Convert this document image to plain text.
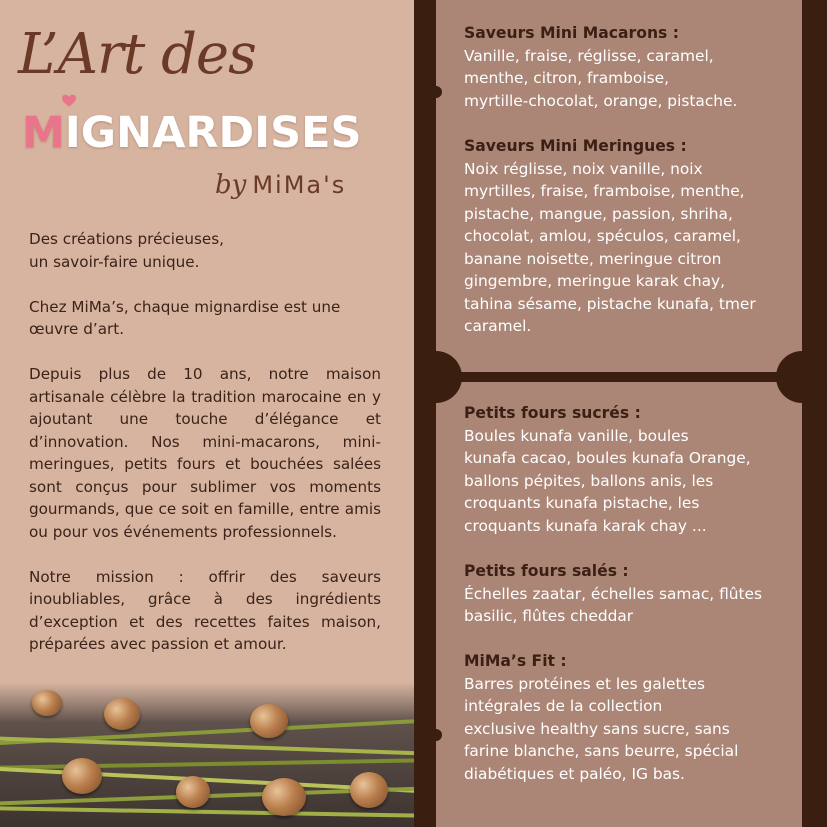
L’Art des
MIGNARDISES
by MiMa's

Des créations précieuses,
un savoir-faire unique.

Chez MiMa’s, chaque mignardise est une œuvre d’art.

Depuis plus de 10 ans, notre maison artisanale célèbre la tradition marocaine en y ajoutant une touche d’élégance et d’innovation. Nos mini-macarons, mini-meringues, petits fours et bouchées salées sont conçus pour sublimer vos moments gourmands, que ce soit en famille, entre amis ou pour vos événements professionnels.

Notre mission : offrir des saveurs inoubliables, grâce à des ingrédients d’exception et des recettes faites maison, préparées avec passion et amour.

Saveurs Mini Macarons :
Vanille, fraise, réglisse, caramel,
menthe, citron, framboise,
myrtille-chocolat, orange, pistache.
Saveurs Mini Meringues :
Noix réglisse, noix vanille, noix
myrtilles, fraise, framboise, menthe,
pistache, mangue, passion, shriha,
chocolat, amlou, spéculos, caramel,
banane noisette, meringue citron
gingembre, meringue karak chay,
tahina sésame, pistache kunafa, tmer
caramel.
Petits fours sucrés :
Boules kunafa vanille, boules
kunafa cacao, boules kunafa Orange,
ballons pépites, ballons anis, les
croquants kunafa pistache, les
croquants kunafa karak chay ...
Petits fours salés :
Échelles zaatar, échelles samac, flûtes
basilic, flûtes cheddar
MiMa’s Fit :
Barres protéines et les galettes
intégrales de la collection
exclusive healthy sans sucre, sans
farine blanche, sans beurre, spécial
diabétiques et paléo, IG bas.
